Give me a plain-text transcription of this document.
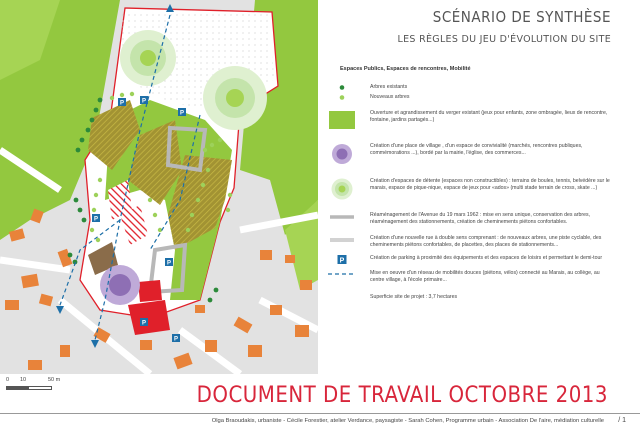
P	P
P
P
P
P
P
0 10	50 m
SCÉNARIO DE SYNTHÈSE
LES RÈGLES DU JEU D'ÉVOLUTION DU SITE
Espaces Publics, Espaces de rencontres, Mobilité
Arbres existants
Nouveaux arbres
Ouverture et agrandissement du verger existant (jeux pour enfants, zone ombragée, lieux de rencontre, fontaine, jardins partagés...)
Création d'une place de village , d'un espace de convivialité (marchés, rencontres publiques, commémorations ...), bordé par la mairie, l'église, des commerces...
Création d'espaces de détente (espaces non constructibles) : terrains de boules, tennis, belvédère sur le marais, espace de pique-nique, espace de jeux pour «ados» (multi stade terrain de cross, skate ...)
Réaménagement de l'Avenue du 19 mars 1962 : mise en sens unique, conservation des arbres, réaménagement des stationnements, création de cheminements piétons confortables.
Création d'une nouvelle rue à double sens comprenant : de nouveaux arbres, une piste cyclable, des cheminements piétons confortables, de placettes, des places de stationnements...
P	Création de parking à proximité des équipements et des espaces de loisirs et permettant le demi-tour
Mise en oeuvre d'un réseau de mobilités douces (piétons, vélos) connecté au Marais, au collège, au centre village, à l'école primaire...
Superficie site de projet : 3,7 hectares
DOCUMENT DE TRAVAIL OCTOBRE 2013
Olga Braoudakis, urbaniste - Cécile Forestier, atelier Verdance, paysagiste - Sarah Cohen, Programme urbain - Association De l'aire, médiation culturelle / 1
